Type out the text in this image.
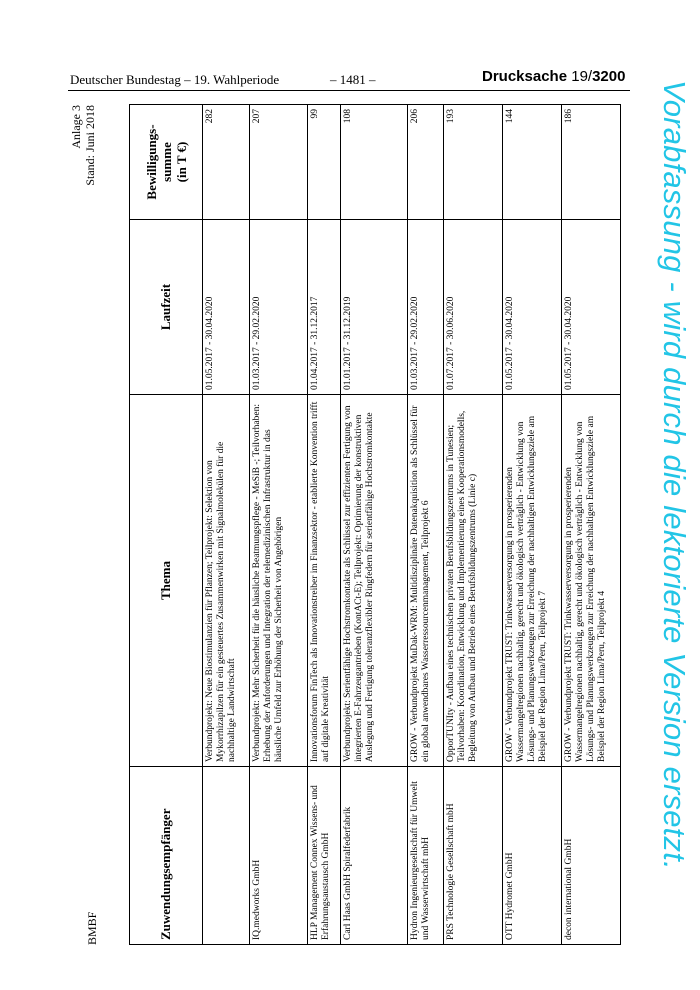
Deutscher Bundestag – 19. Wahlperiode	– 1481 –	Drucksache 19/3200
BMBF
Anlage 3 Stand: Juni 2018
Zuwendungsempfänger	Thema	Laufzeit	Bewilligungs-
summe
(in T €)
	Verbundprojekt: Neue Biostimulanzien für Pflanzen; Teilprojekt: Selektion von Mykorrhizapilzen für ein gesteuertes Zusammenwirken mit Signalmolekülen für die nachhaltige Landwirtschaft	01.05.2017 - 30.04.2020	282
IQ.medworks GmbH	Verbundprojekt: Mehr Sicherheit für die häusliche Beatmungspflege - MeSiB -; Teilvorhaben: Erhebung der Anforderungen und Integration der telemedizinischen Infrastruktur in das häusliche Umfeld zur Erhöhung der Sicherheit von Angehörigen	01.03.2017 - 29.02.2020	207
HLP Management Connex Wissens- und Erfahrungsaustausch GmbH	Innovationsforum FinTech als Innovationstreiber im Finanzsektor - etablierte Konvention trifft auf digitale Kreativität	01.04.2017 - 31.12.2017	99
Carl Haas GmbH Spiralfederfabrik	Verbundprojekt: Serientfähige Hochstromkontakte als Schlüssel zur effizienten Fertigung von integrierten E-Fahrzeugantrieben (KontACt-E); Teilprojekt: Optimierung der konstruktiven Auslegung und Fertigung toleranzflexibler Ringfedern für serientfähige Hochstromkontakte	01.01.2017 - 31.12.2019	108
Hydron Ingenieurgesellschaft für Umwelt und Wasserwirtschaft mbH	GROW - Verbundprojekt MuDak-WRM: Multidisziplinäre Datenakquisition als Schlüssel für ein global anwendbares Wasserressourcenmanagement, Teilprojekt 6	01.03.2017 - 29.02.2020	206
PRS Technologie Gesellschaft mbH	OpporTUNIty - Aufbau eines technischen privaten Berufsbildungszentrums in Tunesien; Teilvorhaben: Koordination, Entwicklung und Implementierung eines Kooperationsmodells, Begleitung von Aufbau und Betrieb eines Berufsbildungszentrums (Linie c)	01.07.2017 - 30.06.2020	193
OTT Hydromet GmbH	GROW - Verbundprojekt TRUST: Trinkwasserversorgung in prosperierenden Wassermangelregionen nachhaltig, gerecht und ökologisch verträglich - Entwicklung von Lösungs- und Planungswerkzeugen zur Erreichung der nachhaltigen Entwicklungsziele am Beispiel der Region Lima/Peru, Teilprojekt 7	01.05.2017 - 30.04.2020	144
decon international GmbH	GROW - Verbundprojekt TRUST: Trinkwasserversorgung in prosperierenden Wassermangelregionen nachhaltig, gerecht und ökologisch verträglich - Entwicklung von Lösungs- und Planungswerkzeugen zur Erreichung der nachhaltigen Entwicklungsziele am Beispiel der Region Lima/Peru, Teilprojekt 4	01.05.2017 - 30.04.2020	186	Vorabfassung - wird durch die lektorierte Version ersetzt.
